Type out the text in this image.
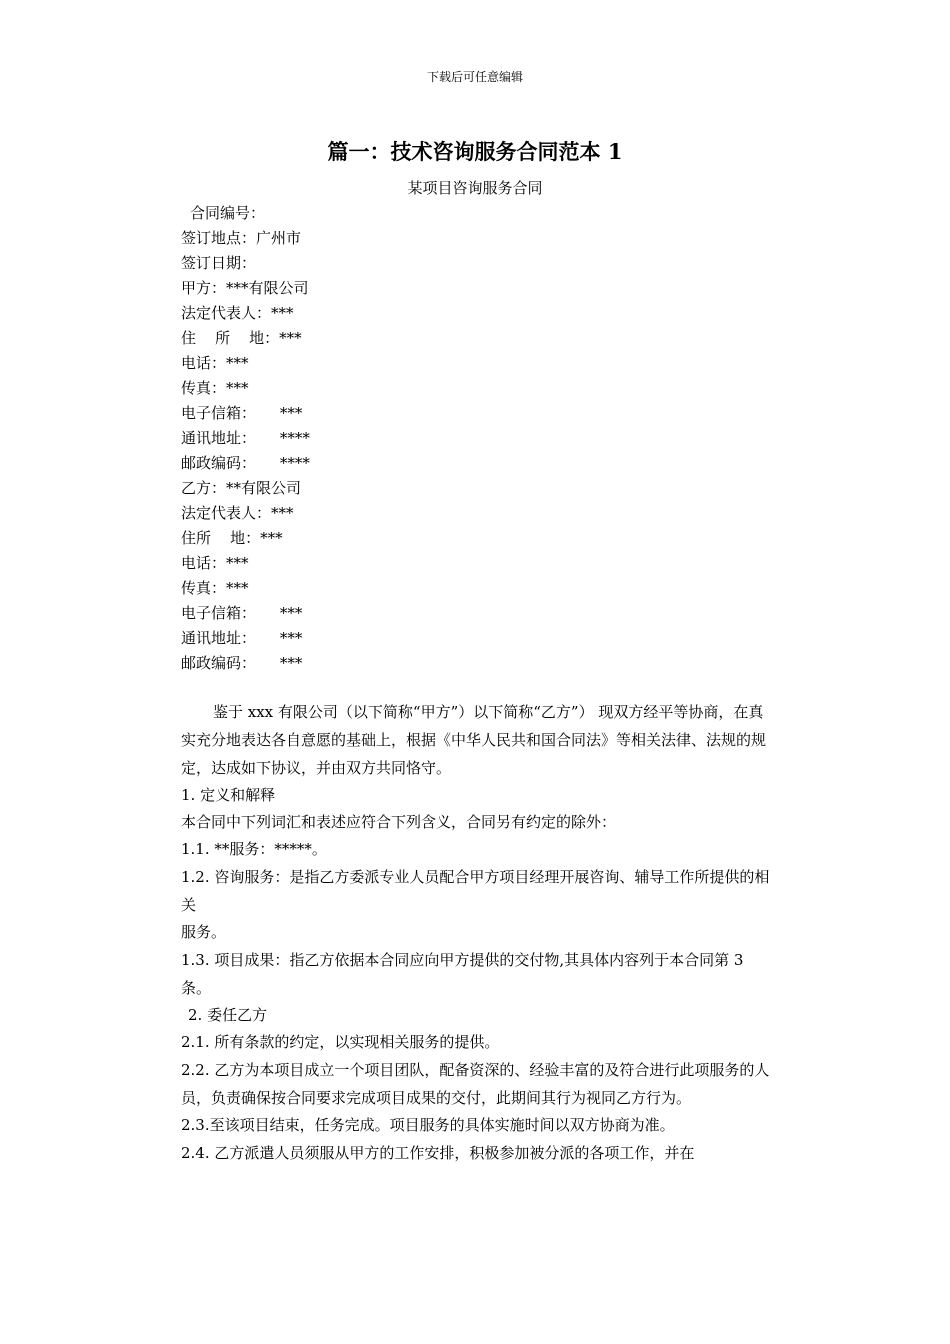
下载后可任意编辑
篇一：技术咨询服务合同范本 1
某项目咨询服务合同
合同编号：
签订地点：广州市
签订日期：
甲方：***有限公司
法定代表人：***
住    所    地：***
电话：***
传真：***
电子信箱：     ***
通讯地址：     ****
邮政编码：     ****
乙方：**有限公司
法定代表人：***
住所    地：***
电话：***
传真：***
电子信箱：     ***
通讯地址：     ***
邮政编码：     ***

鉴于 xxx 有限公司（以下简称“甲方”）以下简称“乙方”） 现双方经平等协商，在真实充分地表达各自意愿的基础上，根据《中华人民共和国合同法》等相关法律、法规的规定，达成如下协议，并由双方共同恪守。

1. 定义和解释

本合同中下列词汇和表述应符合下列含义，合同另有约定的除外：

1.1. **服务：*****。

1.2. 咨询服务：是指乙方委派专业人员配合甲方项目经理开展咨询、辅导工作所提供的相关

服务。

1.3. 项目成果：指乙方依据本合同应向甲方提供的交付物,其具体内容列于本合同第 3 条。

2. 委任乙方

2.1. 所有条款的约定，以实现相关服务的提供。

2.2. 乙方为本项目成立一个项目团队，配备资深的、经验丰富的及符合进行此项服务的人员，负责确保按合同要求完成项目成果的交付，此期间其行为视同乙方行为。

2.3.至该项目结束，任务完成。项目服务的具体实施时间以双方协商为准。

2.4. 乙方派遣人员须服从甲方的工作安排，积极参加被分派的各项工作，并在
